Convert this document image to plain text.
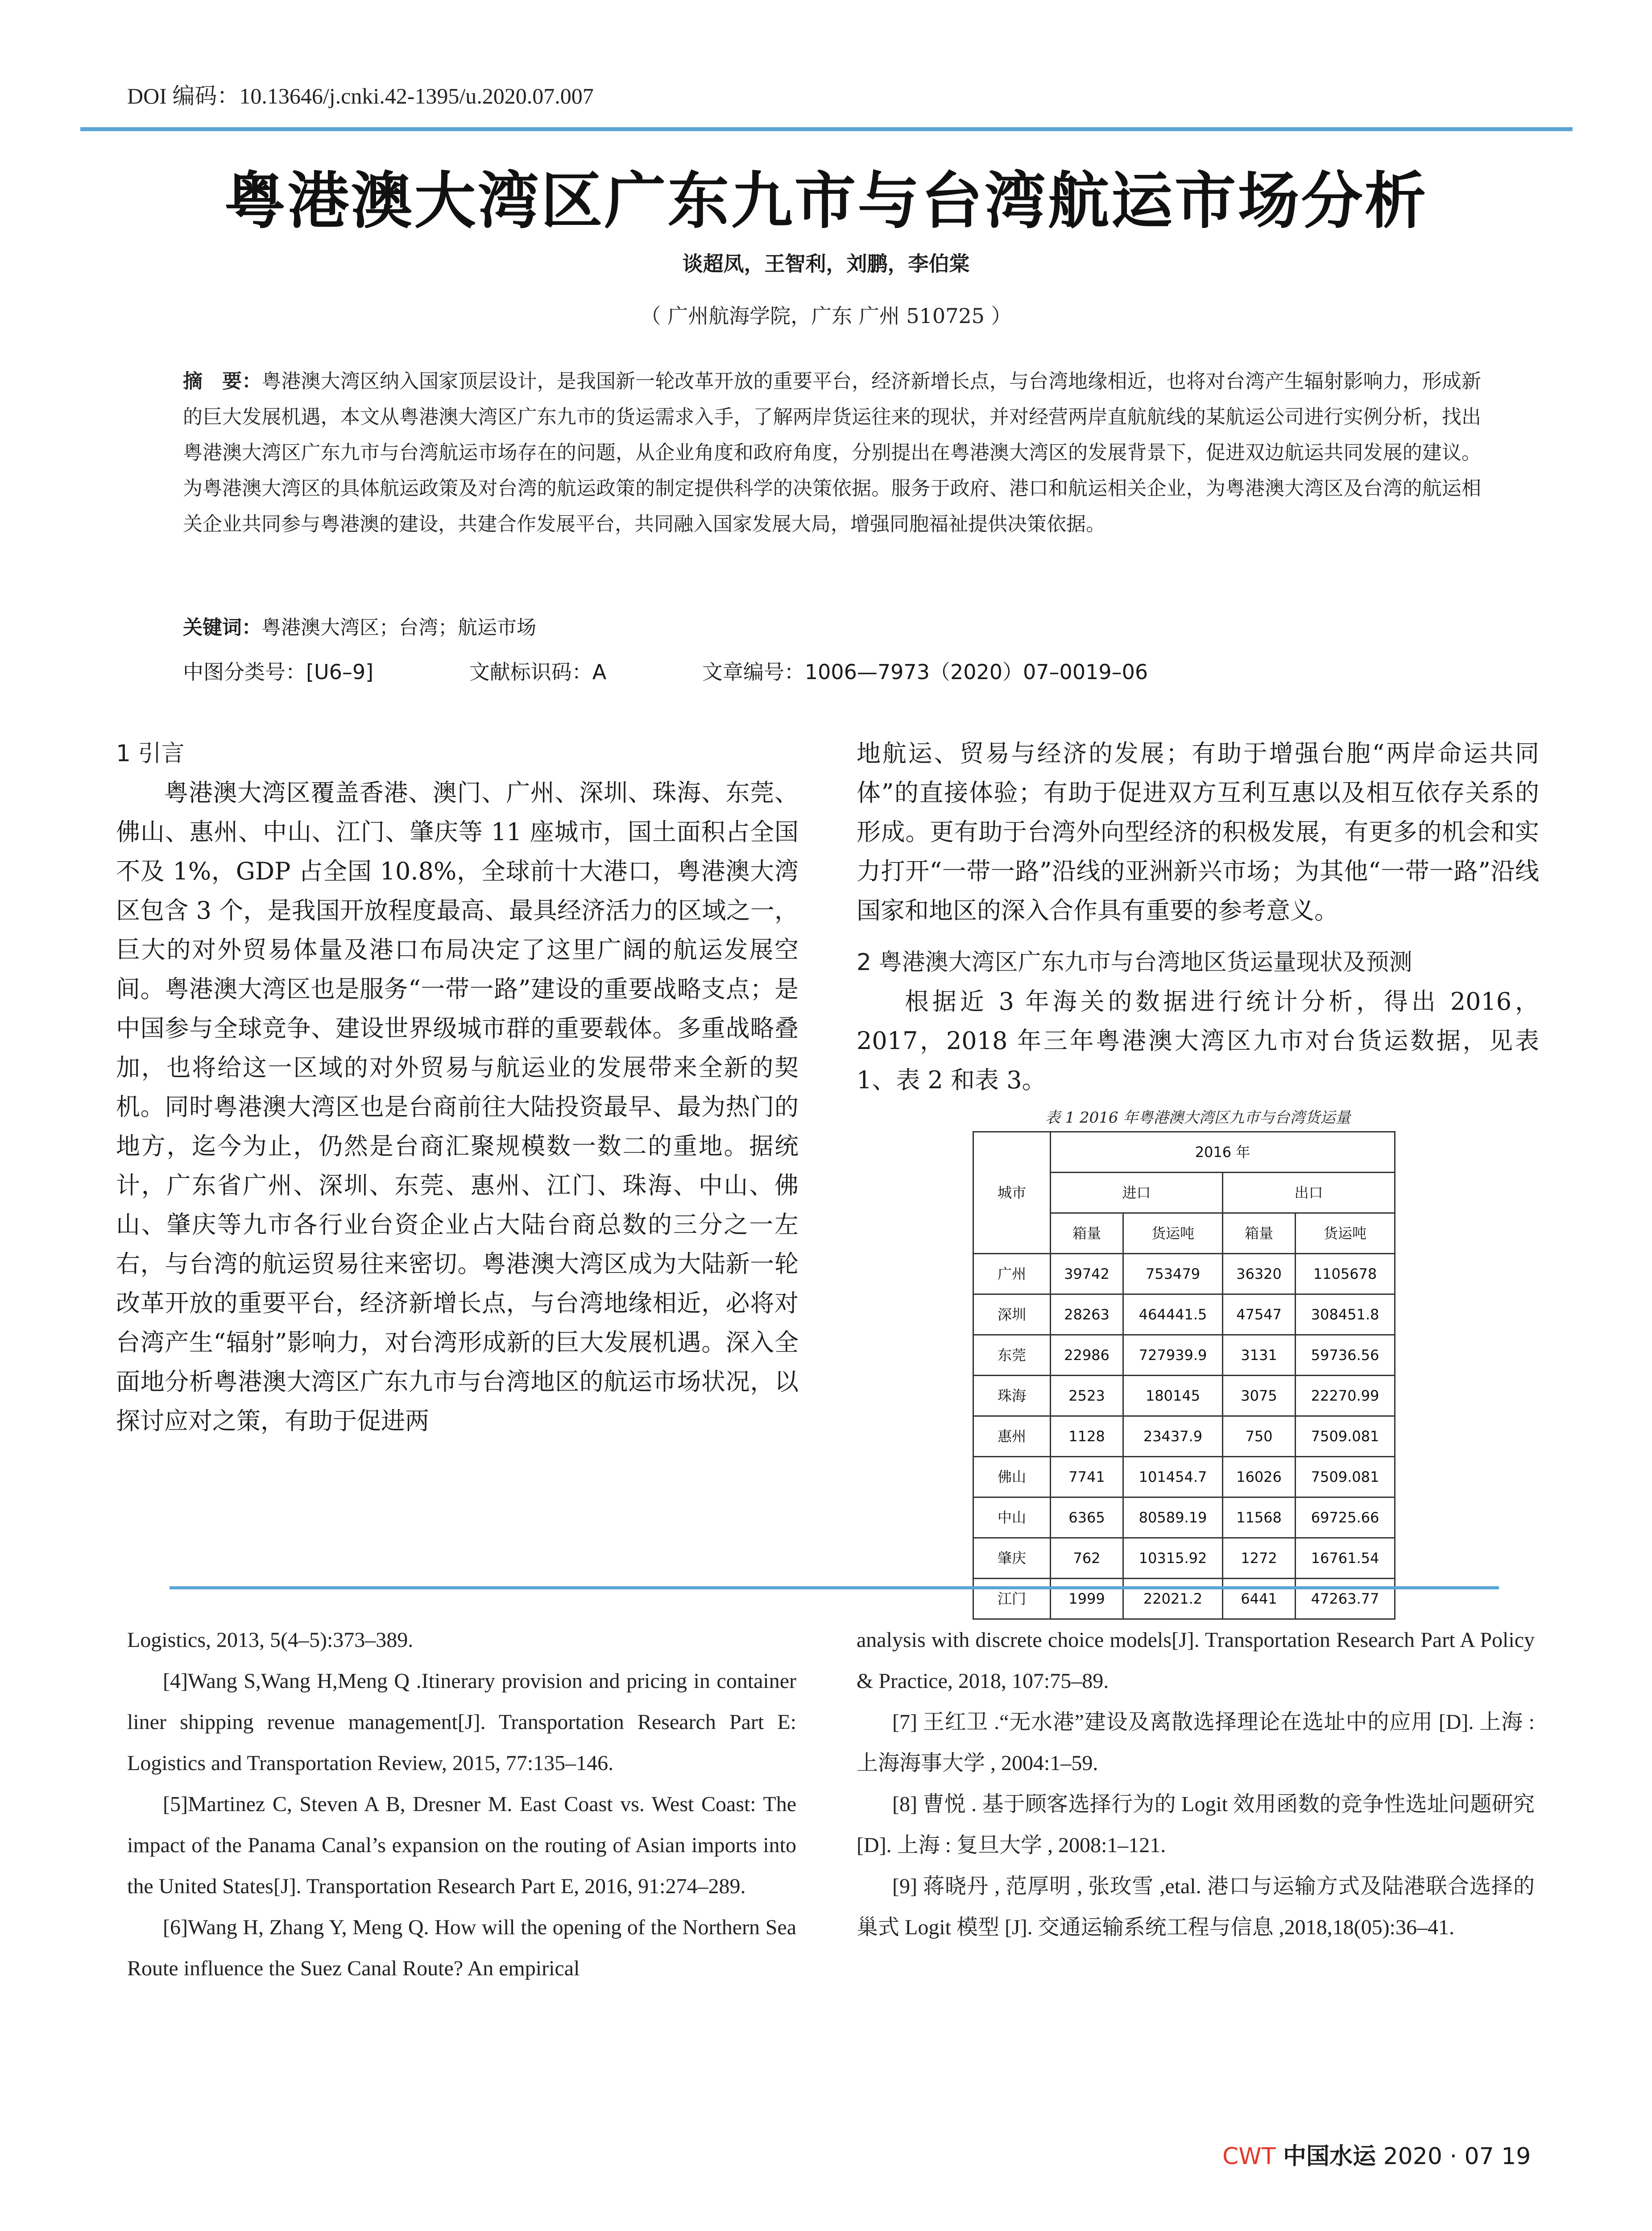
DOI 编码：10.13646/j.cnki.42-1395/u.2020.07.007
粤港澳大湾区广东九市与台湾航运市场分析
谈超凤，王智利，刘鹏，李伯棠
（ 广州航海学院，广东 广州 510725 ）
摘　要：粤港澳大湾区纳入国家顶层设计，是我国新一轮改革开放的重要平台，经济新增长点，与台湾地缘相近，也将对台湾产生辐射影响力，形成新的巨大发展机遇，本文从粤港澳大湾区广东九市的货运需求入手，了解两岸货运往来的现状，并对经营两岸直航航线的某航运公司进行实例分析，找出粤港澳大湾区广东九市与台湾航运市场存在的问题，从企业角度和政府角度，分别提出在粤港澳大湾区的发展背景下，促进双边航运共同发展的建议。为粤港澳大湾区的具体航运政策及对台湾的航运政策的制定提供科学的决策依据。服务于政府、港口和航运相关企业，为粤港澳大湾区及台湾的航运相关企业共同参与粤港澳的建设，共建合作发展平台，共同融入国家发展大局，增强同胞福祉提供决策依据。
关键词：粤港澳大湾区；台湾；航运市场
中图分类号：[U6–9]	文献标识码：A	文章编号：1006—7973（2020）07–0019–06
1 引言

粤港澳大湾区覆盖香港、澳门、广州、深圳、珠海、东莞、佛山、惠州、中山、江门、肇庆等 11 座城市，国土面积占全国不及 1%，GDP 占全国 10.8%，全球前十大港口，粤港澳大湾区包含 3 个，是我国开放程度最高、最具经济活力的区域之一，巨大的对外贸易体量及港口布局决定了这里广阔的航运发展空间。粤港澳大湾区也是服务“一带一路”建设的重要战略支点；是中国参与全球竞争、建设世界级城市群的重要载体。多重战略叠加，也将给这一区域的对外贸易与航运业的发展带来全新的契机。同时粤港澳大湾区也是台商前往大陆投资最早、最为热门的地方，迄今为止，仍然是台商汇聚规模数一数二的重地。据统计，广东省广州、深圳、东莞、惠州、江门、珠海、中山、佛山、肇庆等九市各行业台资企业占大陆台商总数的三分之一左右，与台湾的航运贸易往来密切。粤港澳大湾区成为大陆新一轮改革开放的重要平台，经济新增长点，与台湾地缘相近，必将对台湾产生“辐射”影响力，对台湾形成新的巨大发展机遇。深入全面地分析粤港澳大湾区广东九市与台湾地区的航运市场状况，以探讨应对之策，有助于促进两

地航运、贸易与经济的发展；有助于增强台胞“两岸命运共同体”的直接体验；有助于促进双方互利互惠以及相互依存关系的形成。更有助于台湾外向型经济的积极发展，有更多的机会和实力打开“一带一路”沿线的亚洲新兴市场；为其他“一带一路”沿线国家和地区的深入合作具有重要的参考意义。

2 粤港澳大湾区广东九市与台湾地区货运量现状及预测

根据近 3 年海关的数据进行统计分析，得出 2016，2017，2018 年三年粤港澳大湾区九市对台货运数据，见表 1、表 2 和表 3。

表 1 2016 年粤港澳大湾区九市与台湾货运量
城市	2016 年			
	进口		出口	
	箱量	货运吨	箱量	货运吨
广州	39742	753479	36320	1105678
深圳	28263	464441.5	47547	308451.8
东莞	22986	727939.9	3131	59736.56
珠海	2523	180145	3075	22270.99
惠州	1128	23437.9	750	7509.081
佛山	7741	101454.7	16026	7509.081
中山	6365	80589.19	11568	69725.66
肇庆	762	10315.92	1272	16761.54
江门	1999	22021.2	6441	47263.77

Logistics, 2013, 5(4–5):373–389.

[4]Wang S,Wang H,Meng Q .Itinerary provision and pricing in container liner shipping revenue management[J]. Transportation Research Part E: Logistics and Transportation Review, 2015, 77:135–146.

[5]Martinez C, Steven A B, Dresner M. East Coast vs. West Coast: The impact of the Panama Canal’s expansion on the routing of Asian imports into the United States[J]. Transportation Research Part E, 2016, 91:274–289.

[6]Wang H, Zhang Y, Meng Q. How will the opening of the Northern Sea Route influence the Suez Canal Route? An empirical

analysis with discrete choice models[J]. Transportation Research Part A Policy & Practice, 2018, 107:75–89.

[7] 王红卫 .“无水港”建设及离散选择理论在选址中的应用 [D]. 上海 : 上海海事大学 , 2004:1–59.

[8] 曹悦 . 基于顾客选择行为的 Logit 效用函数的竞争性选址问题研究 [D]. 上海 : 复旦大学 , 2008:1–121.

[9] 蒋晓丹 , 范厚明 , 张玫雪 ,etal. 港口与运输方式及陆港联合选择的巢式 Logit 模型 [J]. 交通运输系统工程与信息 ,2018,18(05):36–41.

CWT 中国水运 2020 · 07 19
